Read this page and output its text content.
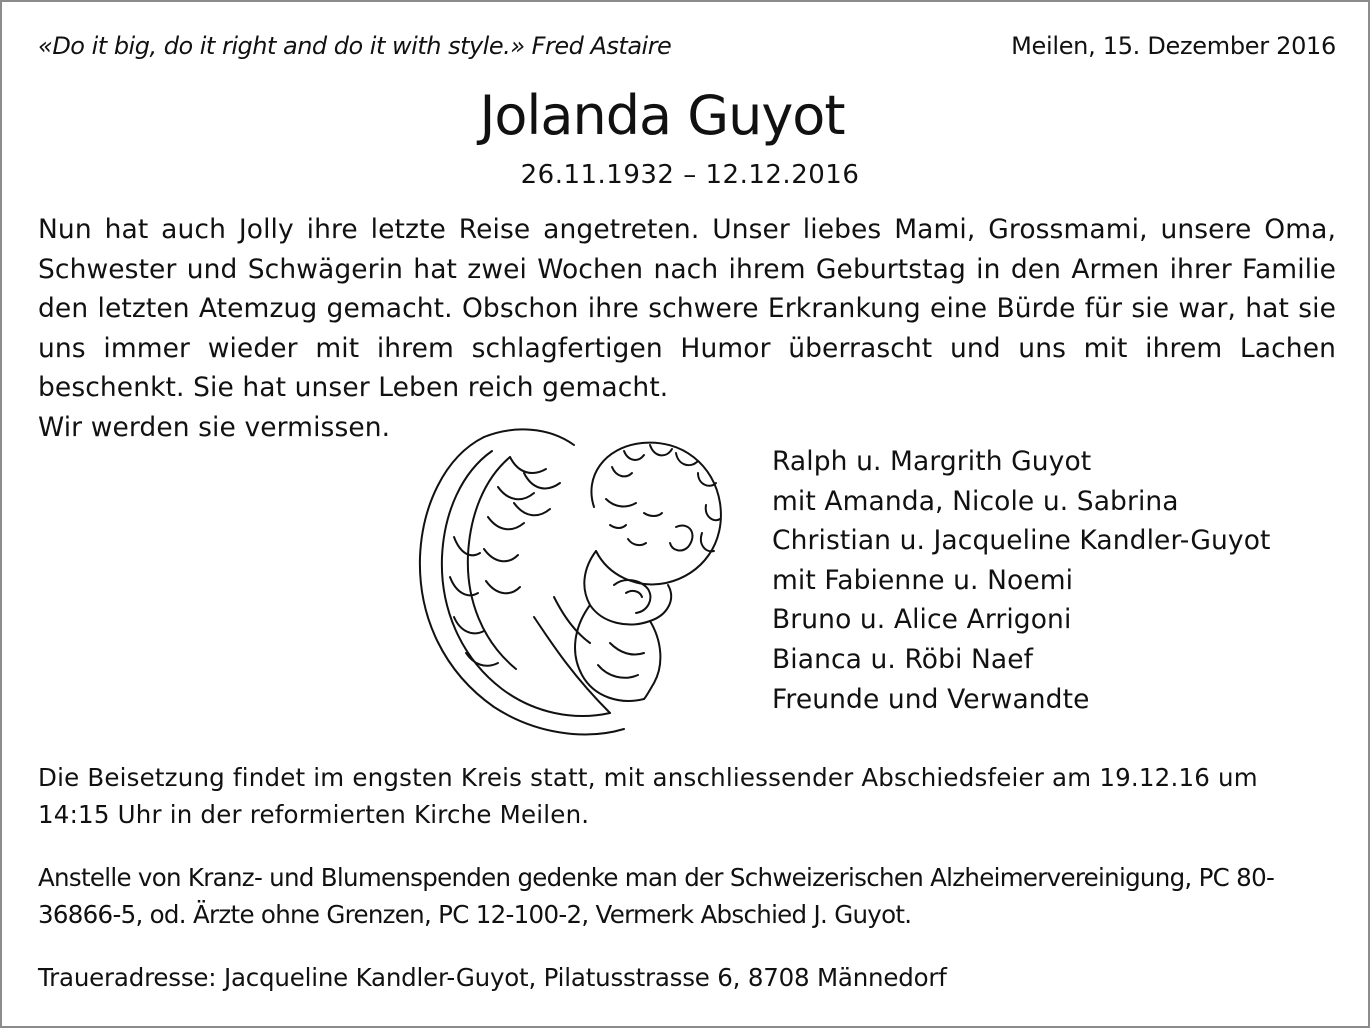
«Do it big, do it right and do it with style.» Fred Astaire	Meilen, 15. Dezember 2016
Jolanda Guyot
26.11.1932 – 12.12.2016
Nun hat auch Jolly ihre letzte Reise angetreten. Unser liebes Mami, Grossmami, unsere Oma, Schwester und Schwägerin hat zwei Wochen nach ihrem Geburtstag in den Armen ihrer Familie den letzten Atemzug gemacht. Obschon ihre schwere Erkrankung eine Bürde für sie war, hat sie uns immer wieder mit ihrem schlagfertigen Humor überrascht und uns mit ihrem Lachen beschenkt. Sie hat unser Leben reich gemacht.
Wir werden sie vermissen.
Ralph u. Margrith Guyot
mit Amanda, Nicole u. Sabrina
Christian u. Jacqueline Kandler-Guyot
mit Fabienne u. Noemi
Bruno u. Alice Arrigoni
Bianca u. Röbi Naef
Freunde und Verwandte
Die Beisetzung findet im engsten Kreis statt, mit anschliessender Abschiedsfeier am 19.12.16 um 14:15 Uhr in der reformierten Kirche Meilen.
Anstelle von Kranz- und Blumenspenden gedenke man der Schweizerischen Alzheimervereinigung, PC 80-36866-5, od. Ärzte ohne Grenzen, PC 12-100-2, Vermerk Abschied J. Guyot.
Traueradresse: Jacqueline Kandler-Guyot, Pilatusstrasse 6, 8708 Männedorf
